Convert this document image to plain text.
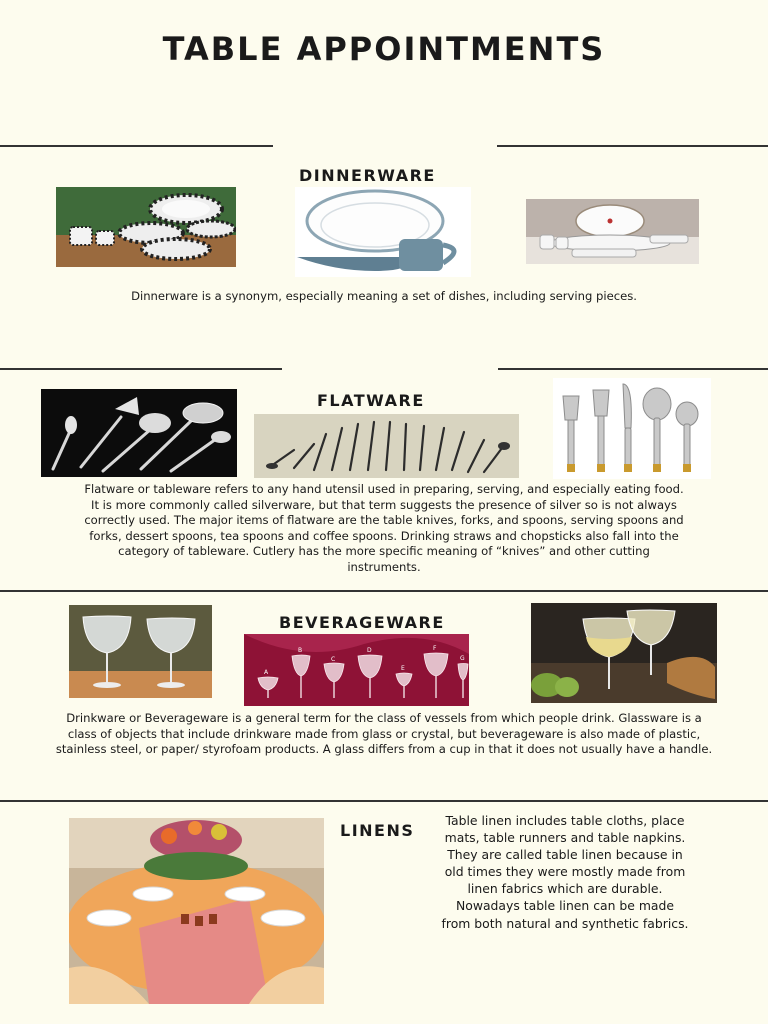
TABLE APPOINTMENTS
DINNERWARE
Dinnerware is a synonym, especially meaning a set of dishes, including serving pieces.
FLATWARE
Flatware or tableware refers to any hand utensil used in preparing, serving, and especially eating food. It is more commonly called silverware, but that term suggests the presence of silver so is not always correctly used. The major items of flatware are the table knives, forks, and spoons, serving spoons and forks, dessert spoons, tea spoons and coffee spoons. Drinking straws and chopsticks also fall into the category of tableware. Cutlery has the more specific meaning of “knives” and other cutting instruments.
BEVERAGEWARE
A
B
C
D
E
F
G
Drinkware or Beverageware is a general term for the class of vessels from which people drink. Glassware is a class of objects that include drinkware made from glass or crystal, but beverageware is also made of plastic, stainless steel, or paper/ styrofoam products. A glass differs from a cup in that it does not usually have a handle.
LINENS
Table linen includes table cloths, place mats, table runners and table napkins. They are called table linen because in old times they were mostly made from linen fabrics which are durable.
Nowadays table linen can be made from both natural and synthetic fabrics.
